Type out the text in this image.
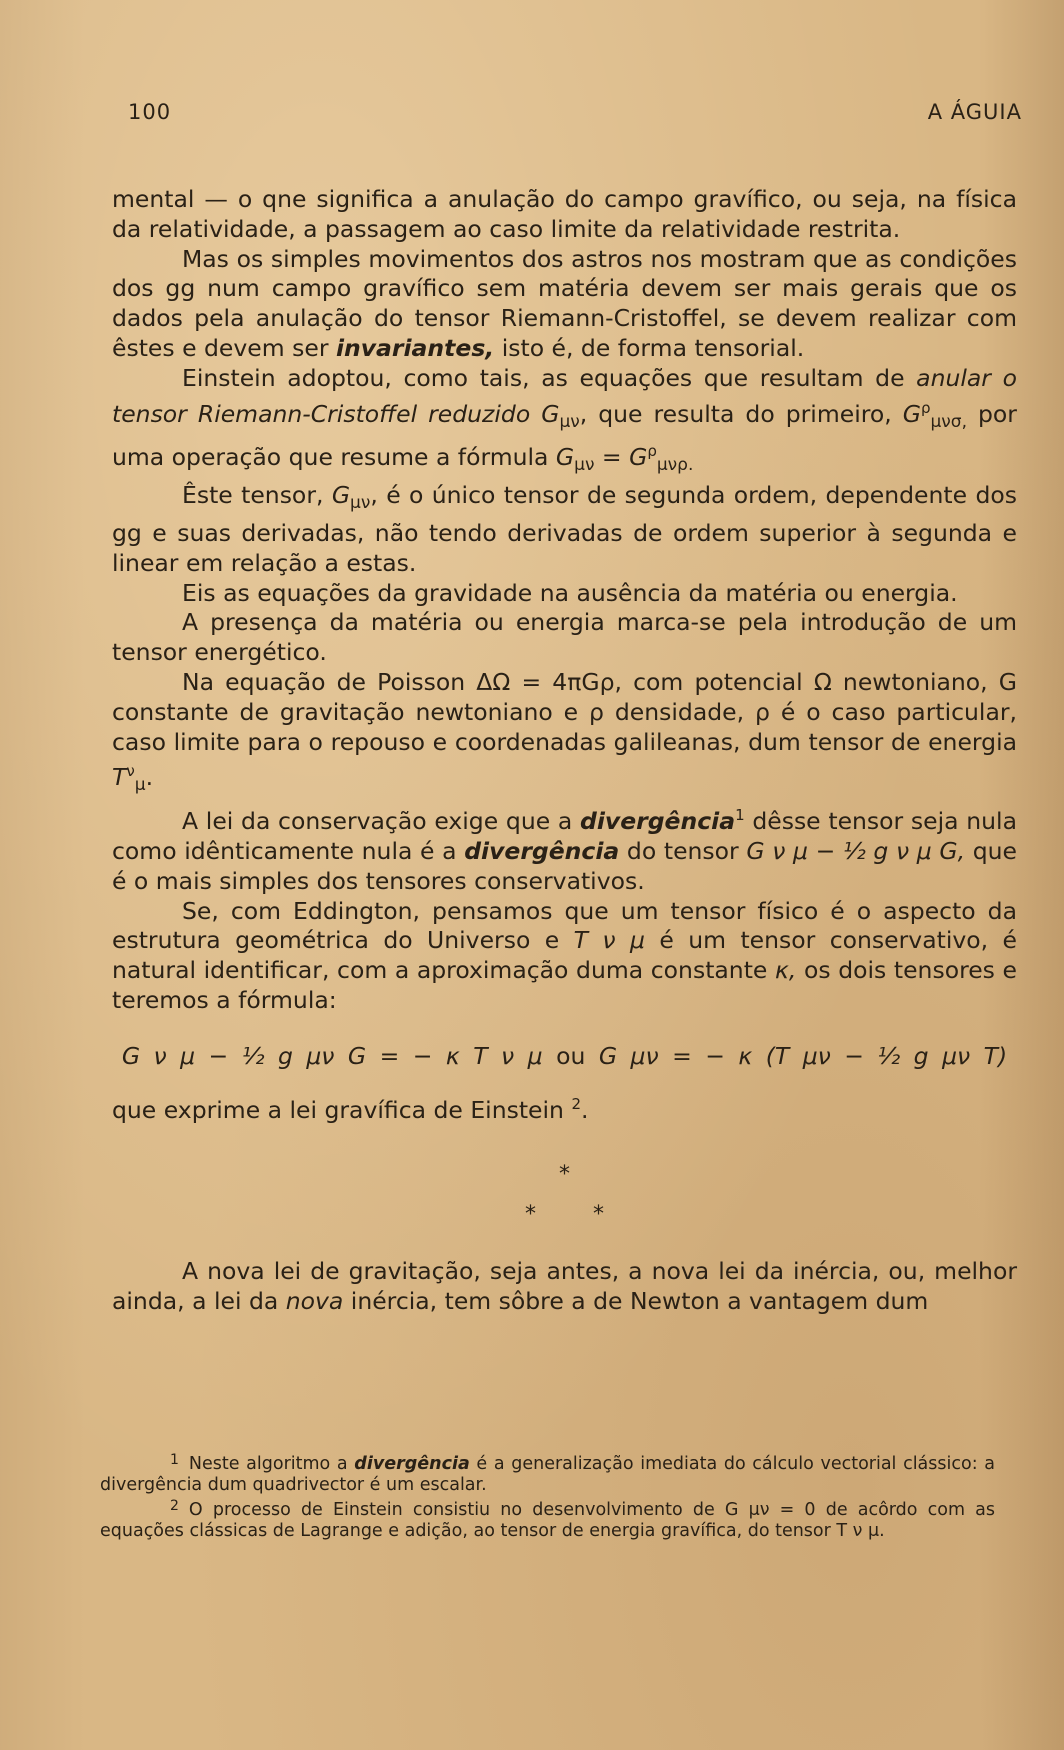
100	A ÁGUIA

mental — o qne significa a anulação do campo gravífico, ou seja, na física da relatividade, a passagem ao caso limite da relatividade restrita.

Mas os simples movimentos dos astros nos mostram que as condições dos gg num campo gravífico sem matéria devem ser mais gerais que os dados pela anulação do tensor Riemann-Cristoffel, se devem realizar com êstes e devem ser invariantes, isto é, de forma tensorial.

Einstein adoptou, como tais, as equações que resultam de anular o tensor Riemann-Cristoffel reduzido $G_{\mu\nu}$, que resulta do primeiro, $G^\rho_{\mu\nu\sigma,}$ por uma operação que resume a fórmula $G_{\mu\nu} = G^\rho_{\mu\nu\rho.}$

Êste tensor, $G_{\mu\nu}$, é o único tensor de segunda ordem, dependente dos gg e suas derivadas, não tendo derivadas de ordem superior à segunda e linear em relação a estas.

Eis as equações da gravidade na ausência da matéria ou energia.

A presença da matéria ou energia marca-se pela introdução de um tensor energético.

Na equação de Poisson ΔΩ = 4πGρ, com potencial Ω newtoniano, G constante de gravitação newtoniano e ρ densidade, ρ é o caso particular, caso limite para o repouso e coordenadas galileanas, dum tensor de energia $T^\nu_\mu$.

A lei da conservação exige que a divergência$^1$ dêsse tensor seja nula como idênticamente nula é a divergência do tensor G ν μ − ½ g ν μ G, que é o mais simples dos tensores conservativos.

Se, com Eddington, pensamos que um tensor físico é o aspecto da estrutura geométrica do Universo e T ν μ é um tensor conservativo, é natural identificar, com a aproximação duma constante κ, os dois tensores e teremos a fórmula:

G ν μ − ½ g μν G = − κ T ν μ ou G μν = − κ (T μν − ½ g μν T)

que exprime a lei gravífica de Einstein $^2$.

*
* *

A nova lei de gravitação, seja antes, a nova lei da inércia, ou, melhor ainda, a lei da nova inércia, tem sôbre a de Newton a vantagem dum

$^1$ Neste algoritmo a divergência é a generalização imediata do cálculo vectorial clássico: a divergência dum quadrivector é um escalar.

$^2$ O processo de Einstein consistiu no desenvolvimento de G μν = 0 de acôrdo com as equações clássicas de Lagrange e adição, ao tensor de energia gravífica, do tensor T ν μ.
